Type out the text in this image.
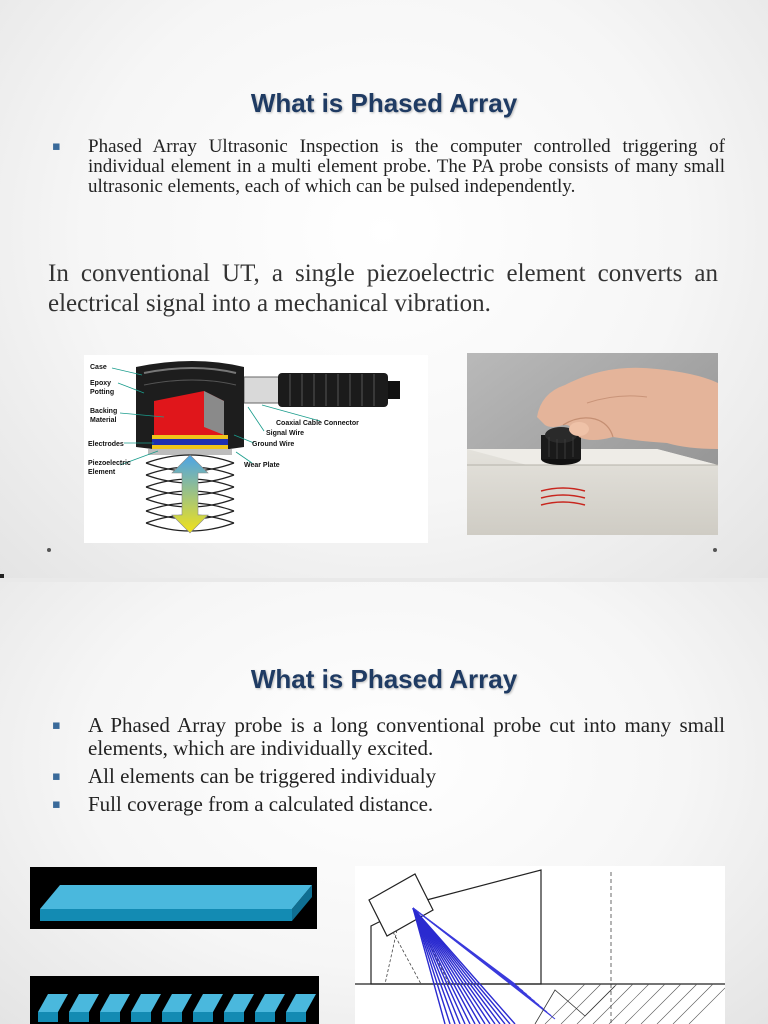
What is Phased Array
▪ Phased Array Ultrasonic Inspection is the computer controlled triggering of individual element in a multi element probe. The PA probe consists of many small ultrasonic elements, each of which can be pulsed independently.

In conventional UT, a single piezoelectric element converts an electrical signal into a mechanical vibration.

Case
Epoxy
Potting
Backing
Material
Electrodes
Piezoelectric
Element
Coaxial Cable Connector
Signal Wire
Ground Wire
Wear Plate
What is Phased Array
▪ A Phased Array probe is a long conventional probe cut into many small elements, which are individually excited.
▪ All elements can be triggered individualy
▪ Full coverage from a calculated distance.
